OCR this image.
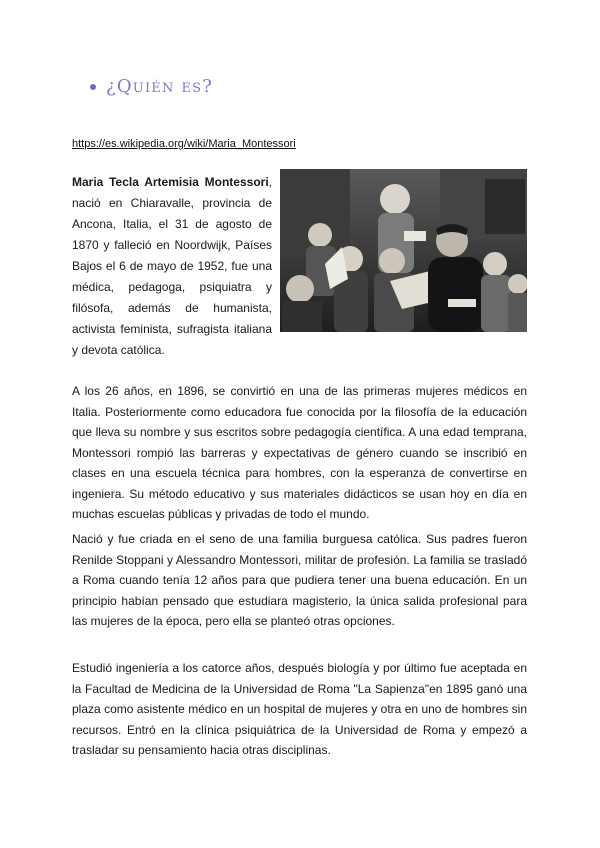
¿Quién es?
https://es.wikipedia.org/wiki/Maria_Montessori
Maria Tecla Artemisia Montessori, nació en Chiaravalle, provincia de Ancona, Italia, el 31 de agosto de 1870 y falleció en Noordwijk, Países Bajos el 6 de mayo de 1952, fue una médica, pedagoga, psiquiatra y filósofa, además de humanista, activista feminista, sufragista italiana y devota católica.

A los 26 años, en 1896, se convirtió en una de las primeras mujeres médicos en Italia. Posteriormente como educadora fue conocida por la filosofía de la educación que lleva su nombre y sus escritos sobre pedagogía científica. A una edad temprana, Montessori rompió las barreras y expectativas de género cuando se inscribió en clases en una escuela técnica para hombres, con la esperanza de convertirse en ingeniera. Su método educativo y sus materiales didácticos se usan hoy en día en muchas escuelas públicas y privadas de todo el mundo.

Nació y fue criada en el seno de una familia burguesa católica. Sus padres fueron Renilde Stoppani y Alessandro Montessori, militar de profesión. La familia se trasladó a Roma cuando tenía 12 años para que pudiera tener una buena educación. En un principio habían pensado que estudiara magisterio, la única salida profesional para las mujeres de la época, pero ella se planteó otras opciones.

Estudió ingeniería a los catorce años, después biología y por último fue aceptada en la Facultad de Medicina de la Universidad de Roma "La Sapienza"en 1895 ganó una plaza como asistente médico en un hospital de mujeres y otra en uno de hombres sin recursos. Entró en la clínica psiquiátrica de la Universidad de Roma y empezó a trasladar su pensamiento hacia otras disciplinas.
